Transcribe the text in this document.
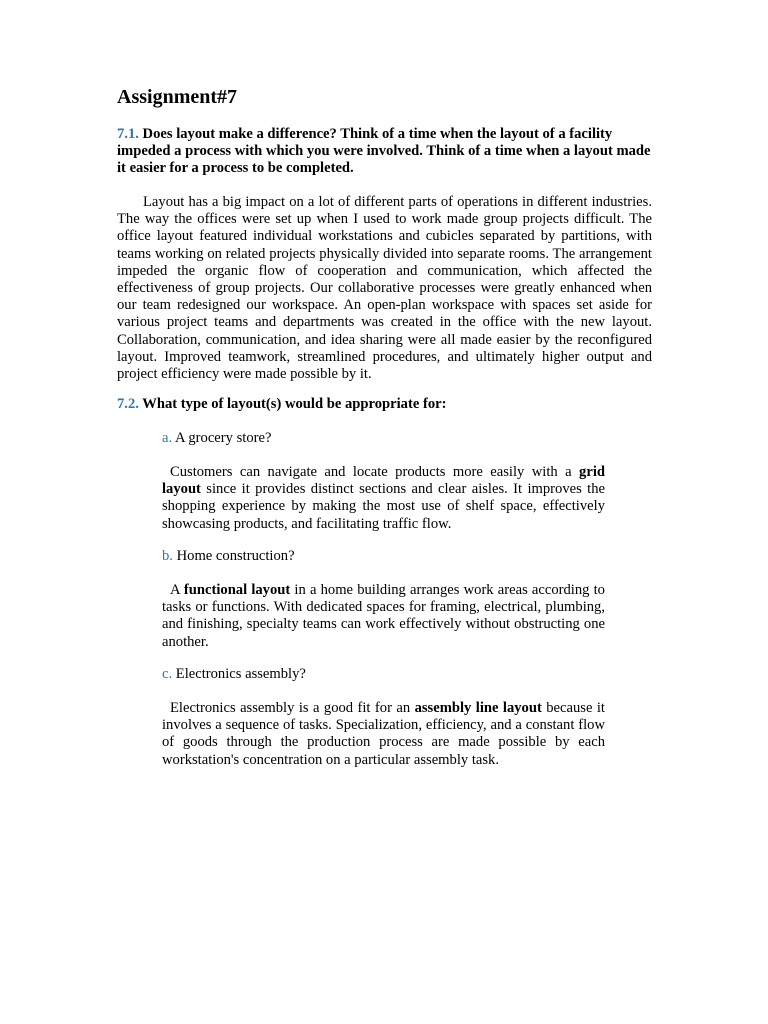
Assignment#7

7.1. Does layout make a difference? Think of a time when the layout of a facility impeded a process with which you were involved. Think of a time when a layout made it easier for a process to be completed.

Layout has a big impact on a lot of different parts of operations in different industries. The way the offices were set up when I used to work made group projects difficult. The office layout featured individual workstations and cubicles separated by partitions, with teams working on related projects physically divided into separate rooms. The arrangement impeded the organic flow of cooperation and communication, which affected the effectiveness of group projects. Our collaborative processes were greatly enhanced when our team redesigned our workspace. An open-plan workspace with spaces set aside for various project teams and departments was created in the office with the new layout. Collaboration, communication, and idea sharing were all made easier by the reconfigured layout. Improved teamwork, streamlined procedures, and ultimately higher output and project efficiency were made possible by it.

7.2. What type of layout(s) would be appropriate for:

a. A grocery store?

Customers can navigate and locate products more easily with a grid layout since it provides distinct sections and clear aisles. It improves the shopping experience by making the most use of shelf space, effectively showcasing products, and facilitating traffic flow.

b. Home construction?

A functional layout in a home building arranges work areas according to tasks or functions. With dedicated spaces for framing, electrical, plumbing, and finishing, specialty teams can work effectively without obstructing one another.

c. Electronics assembly?

Electronics assembly is a good fit for an assembly line layout because it involves a sequence of tasks. Specialization, efficiency, and a constant flow of goods through the production process are made possible by each workstation's concentration on a particular assembly task.
